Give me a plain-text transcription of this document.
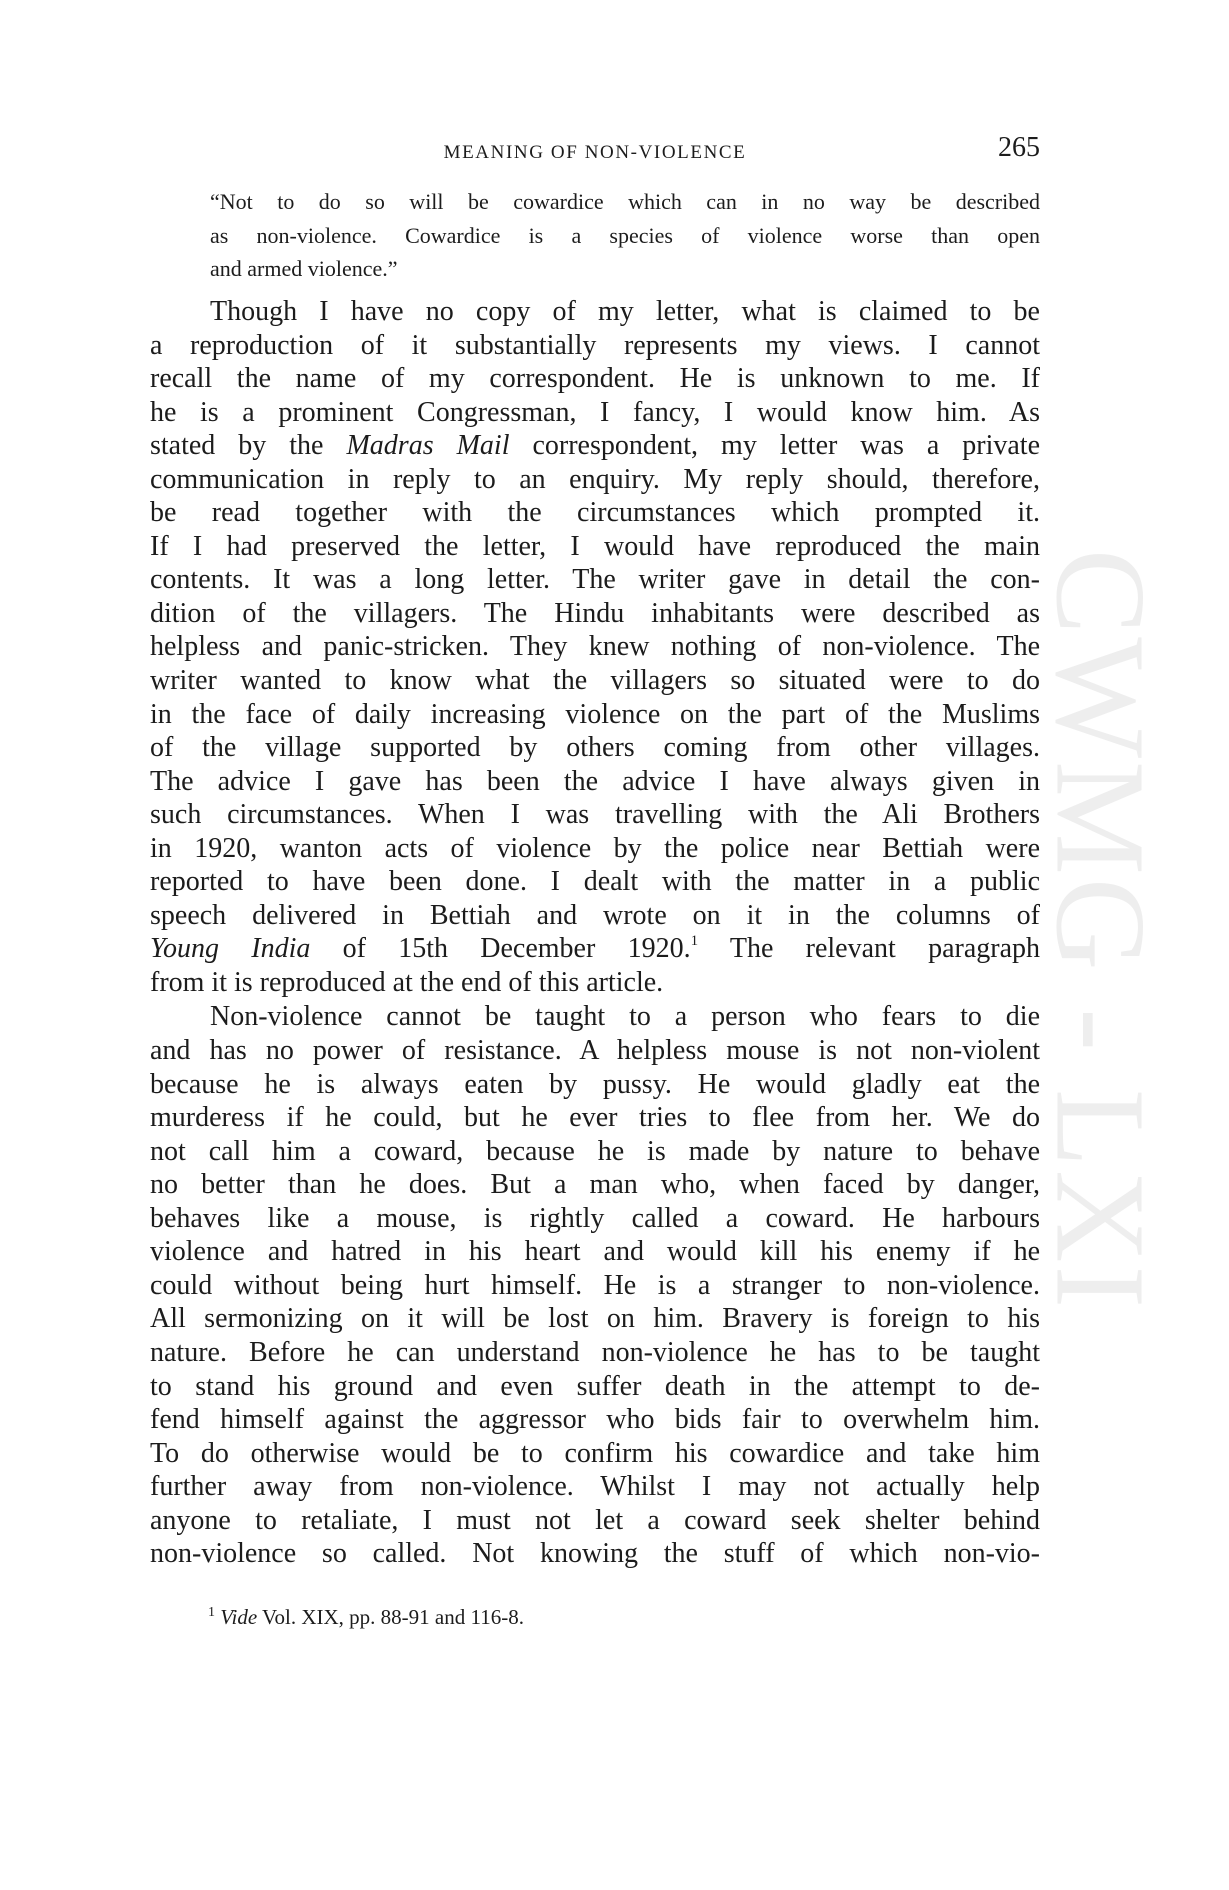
MEANING OF NON-VIOLENCE	265
“Not to do so will be cowardice which can in no way be described
as non-violence. Cowardice is a species of violence worse than open
and armed violence.”
Though I have no copy of my letter, what is claimed to be
a reproduction of it substantially represents my views. I cannot
recall the name of my correspondent. He is unknown to me. If
he is a prominent Congressman, I fancy, I would know him. As
stated by the Madras Mail correspondent, my letter was a private
communication in reply to an enquiry. My reply should, therefore,
be read together with the circumstances which prompted it.
If I had preserved the letter, I would have reproduced the main
contents. It was a long letter. The writer gave in detail the con-
dition of the villagers. The Hindu inhabitants were described as
helpless and panic-stricken. They knew nothing of non-violence. The
writer wanted to know what the villagers so situated were to do
in the face of daily increasing violence on the part of the Muslims
of the village supported by others coming from other villages.
The advice I gave has been the advice I have always given in
such circumstances. When I was travelling with the Ali Brothers
in 1920, wanton acts of violence by the police near Bettiah were
reported to have been done. I dealt with the matter in a public
speech delivered in Bettiah and wrote on it in the columns of
Young India of 15th December 1920.$^1$ The relevant paragraph
from it is reproduced at the end of this article.
Non-violence cannot be taught to a person who fears to die
and has no power of resistance. A helpless mouse is not non-violent
because he is always eaten by pussy. He would gladly eat the
murderess if he could, but he ever tries to flee from her. We do
not call him a coward, because he is made by nature to behave
no better than he does. But a man who, when faced by danger,
behaves like a mouse, is rightly called a coward. He harbours
violence and hatred in his heart and would kill his enemy if he
could without being hurt himself. He is a stranger to non-violence.
All sermonizing on it will be lost on him. Bravery is foreign to his
nature. Before he can understand non-violence he has to be taught
to stand his ground and even suffer death in the attempt to de-
fend himself against the aggressor who bids fair to overwhelm him.
To do otherwise would be to confirm his cowardice and take him
further away from non-violence. Whilst I may not actually help
anyone to retaliate, I must not let a coward seek shelter behind
non-violence so called. Not knowing the stuff of which non-vio-
$^1$ Vide Vol. XIX, pp. 88-91 and 116-8.
CWMG - LXI
